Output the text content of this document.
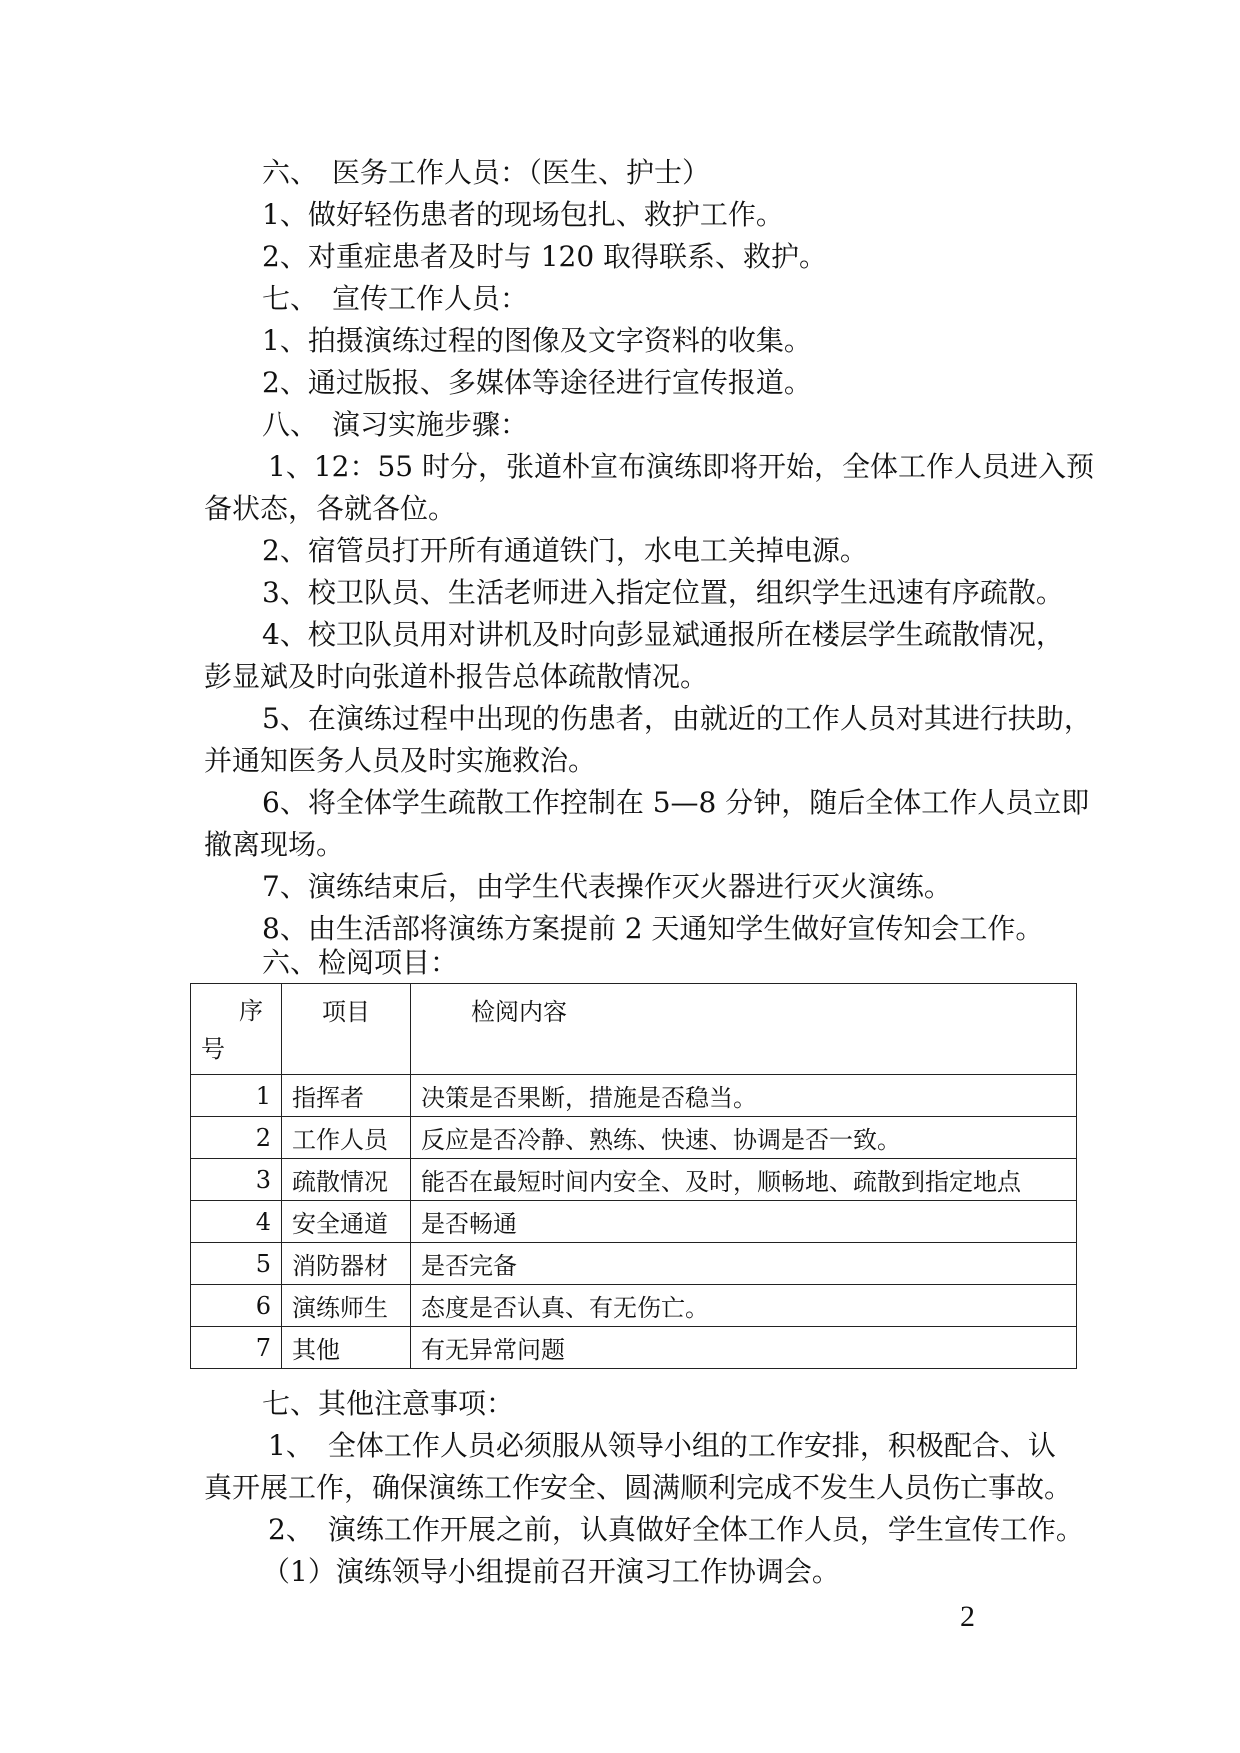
六、　医务工作人员：（医生、护士）
1、做好轻伤患者的现场包扎、救护工作。
2、对重症患者及时与 120 取得联系、救护。
七、　宣传工作人员：
1、拍摄演练过程的图像及文字资料的收集。
2、通过版报、多媒体等途径进行宣传报道。
八、　演习实施步骤：
1、12：55 时分，张道朴宣布演练即将开始，全体工作人员进入预
备状态，各就各位。
2、宿管员打开所有通道铁门，水电工关掉电源。
3、校卫队员、生活老师进入指定位置，组织学生迅速有序疏散。
4、校卫队员用对讲机及时向彭显斌通报所在楼层学生疏散情况，
彭显斌及时向张道朴报告总体疏散情况。
5、在演练过程中出现的伤患者，由就近的工作人员对其进行扶助，
并通知医务人员及时实施救治。
6、将全体学生疏散工作控制在 5—8 分钟，随后全体工作人员立即
撤离现场。
7、演练结束后，由学生代表操作灭火器进行灭火演练。
8、由生活部将演练方案提前 2 天通知学生做好宣传知会工作。
六、检阅项目：
序
号	项目	检阅内容
1	指挥者	决策是否果断，措施是否稳当。
2	工作人员	反应是否冷静、熟练、快速、协调是否一致。
3	疏散情况	能否在最短时间内安全、及时，顺畅地、疏散到指定地点
4	安全通道	是否畅通
5	消防器材	是否完备
6	演练师生	态度是否认真、有无伤亡。
7	其他	有无异常问题
七、其他注意事项：
1、　全体工作人员必须服从领导小组的工作安排，积极配合、认
真开展工作，确保演练工作安全、圆满顺利完成不发生人员伤亡事故。
2、　演练工作开展之前，认真做好全体工作人员，学生宣传工作。
（1）演练领导小组提前召开演习工作协调会。
2
